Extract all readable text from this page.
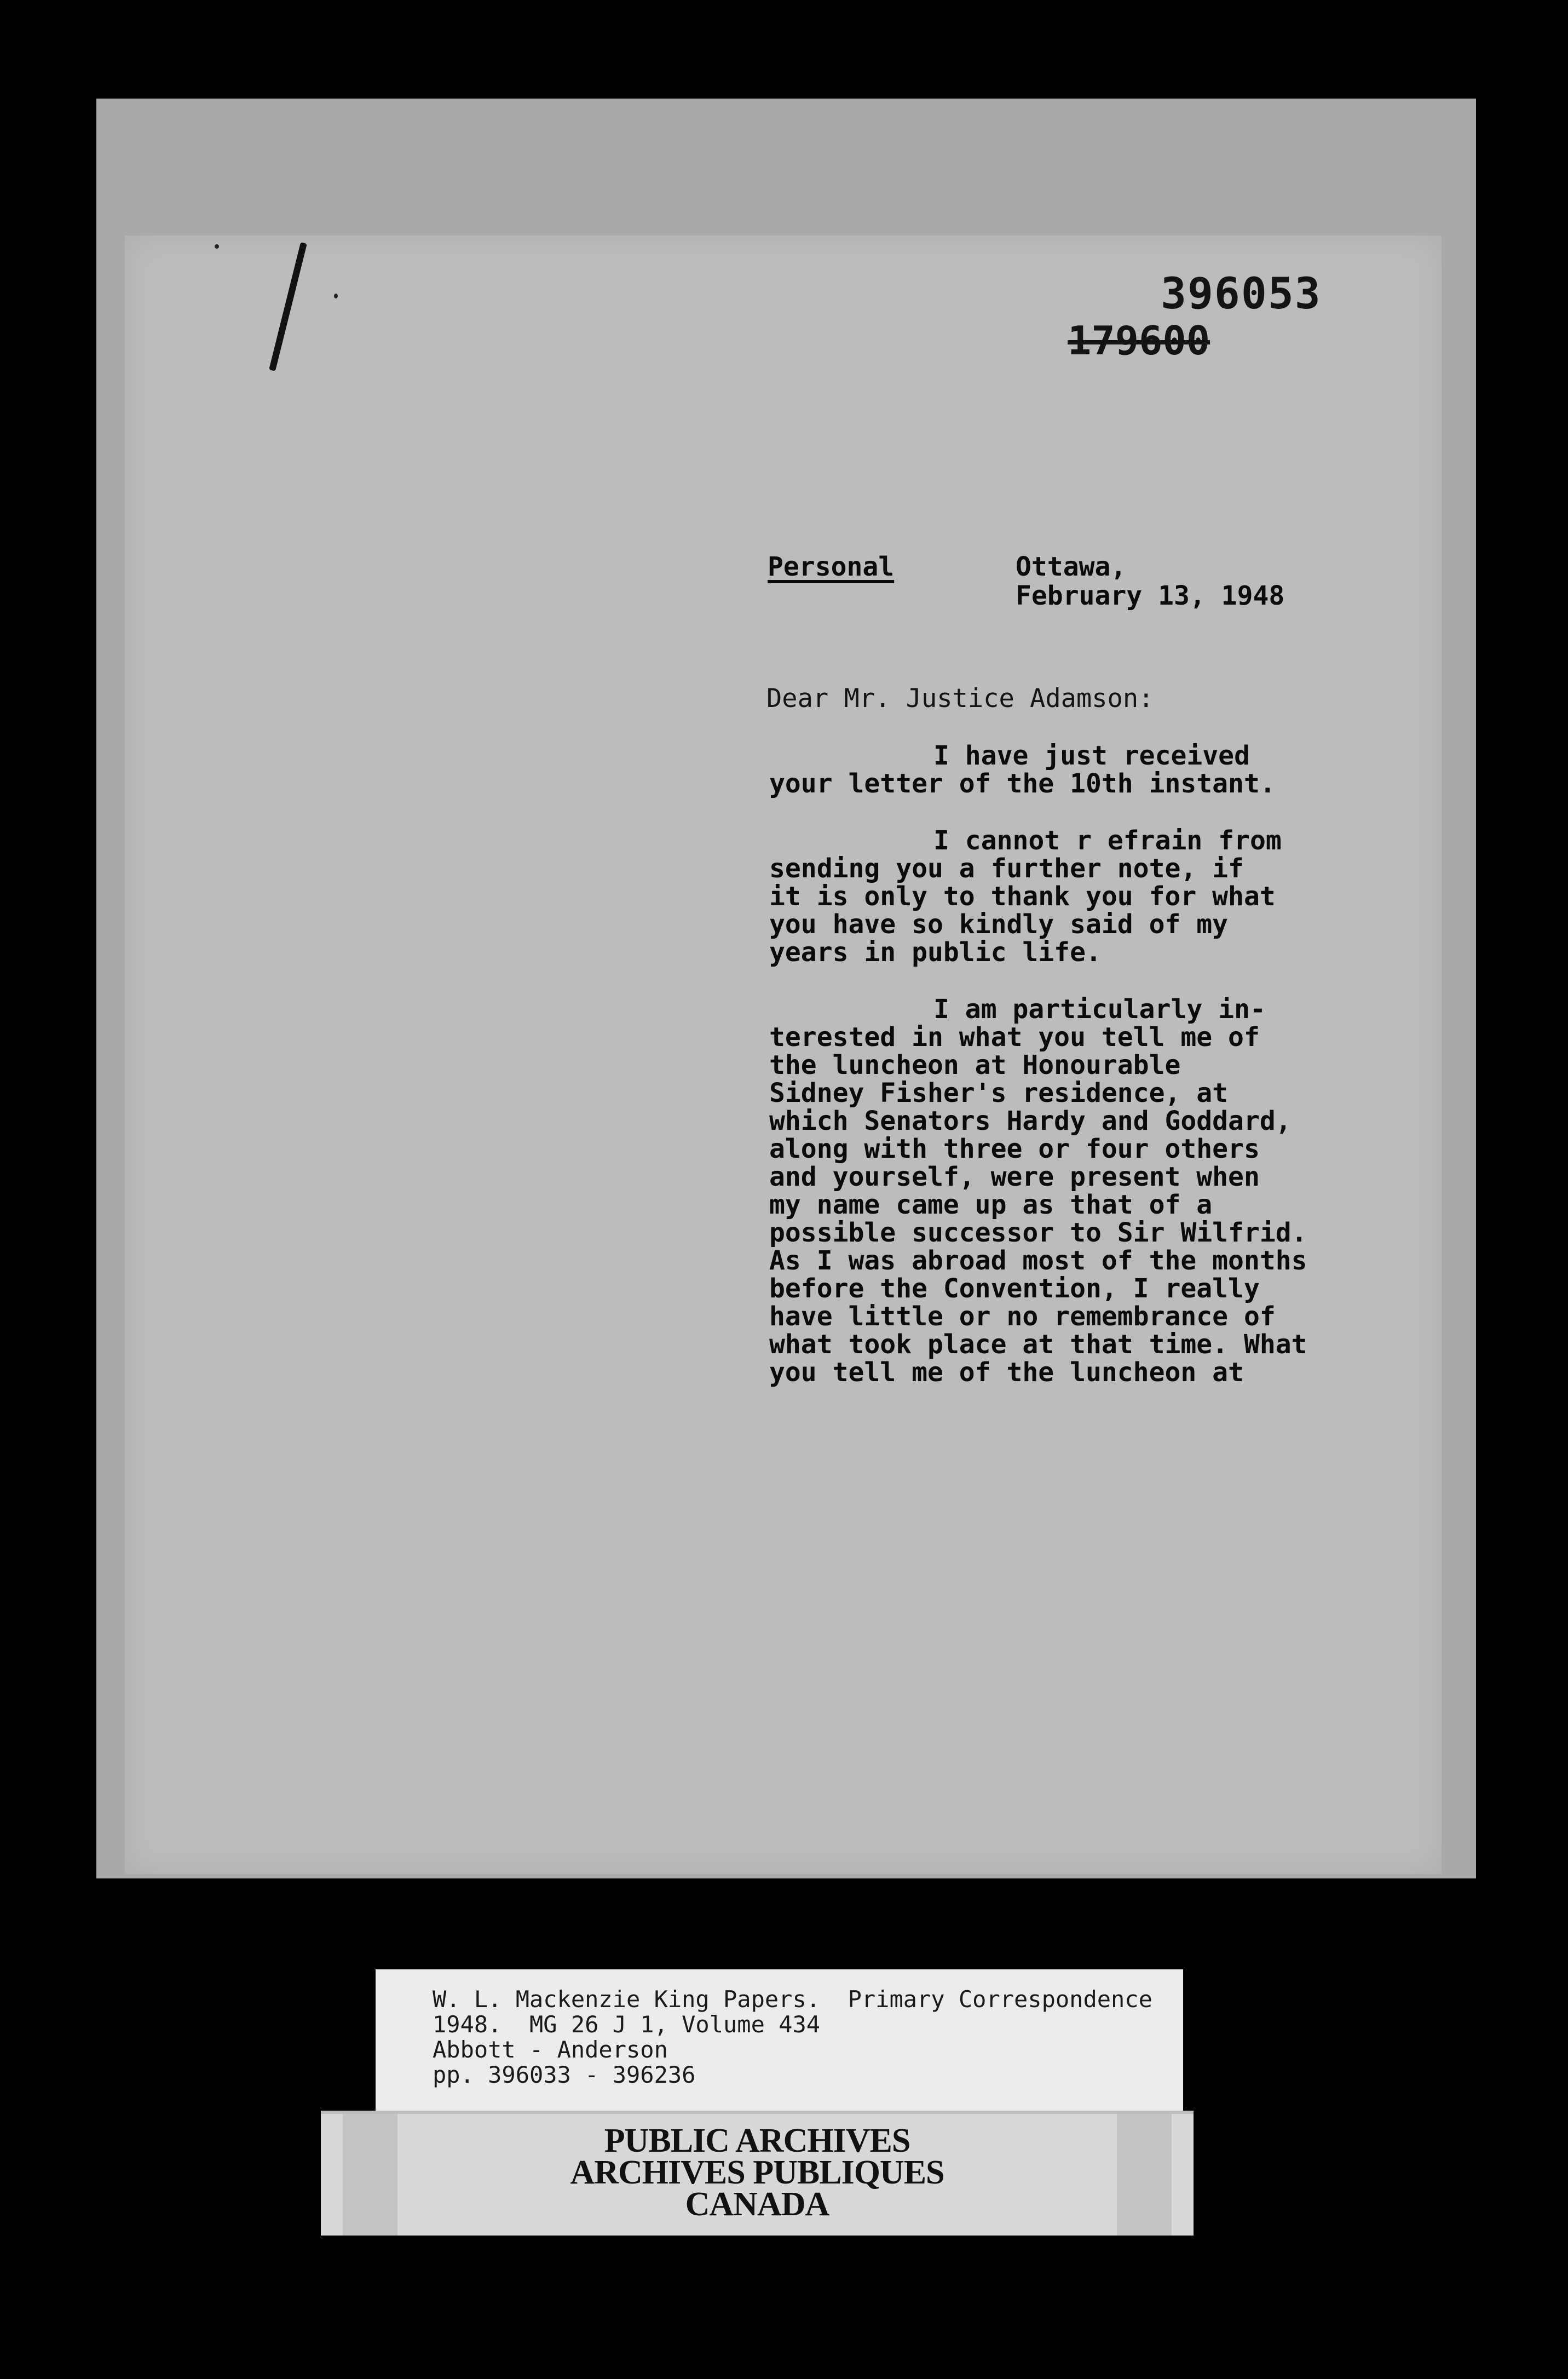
396053
179600
Personal	Ottawa,
February 13, 1948
Dear Mr. Justice Adamson:
I have just received
your letter of the 10th instant.
I cannot r efrain from
sending you a further note, if
it is only to thank you for what
you have so kindly said of my
years in public life.
I am particularly in-
terested in what you tell me of
the luncheon at Honourable
Sidney Fisher's residence, at
which Senators Hardy and Goddard,
along with three or four others
and yourself, were present when
my name came up as that of a
possible successor to Sir Wilfrid.
As I was abroad most of the months
before the Convention, I really
have little or no remembrance of
what took place at that time. What
you tell me of the luncheon at
W. L. Mackenzie King Papers.  Primary Correspondence
1948.  MG 26 J 1, Volume 434
Abbott - Anderson
pp. 396033 - 396236
PUBLIC ARCHIVES
ARCHIVES PUBLIQUES
CANADA
